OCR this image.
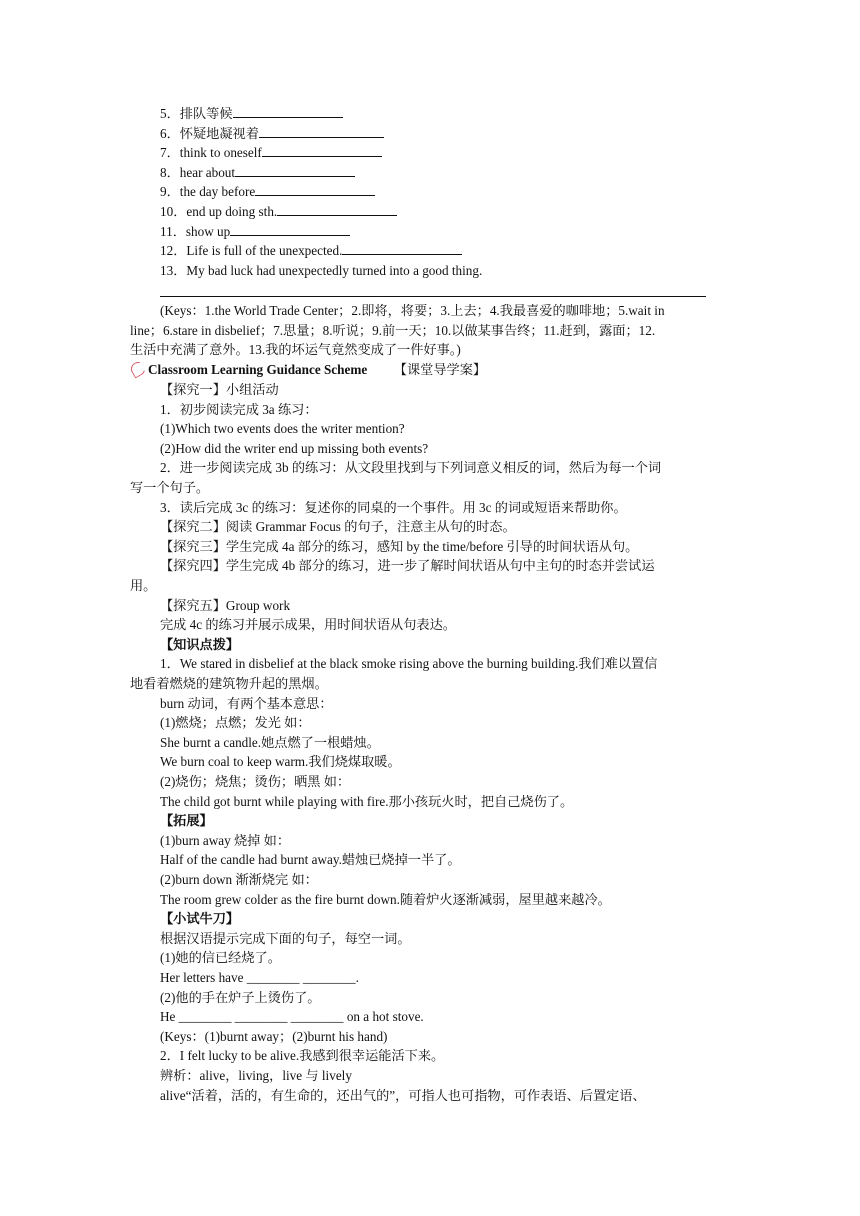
5．排队等候
6．怀疑地凝视着
7．think to oneself
8．hear about
9．the day before
10．end up doing sth.
11．show up
12．Life is full of the unexpected.
13．My bad luck had unexpectedly turned into a good thing.
(Keys：1.the World Trade Center；2.即将，将要；3.上去；4.我最喜爱的咖啡地；5.wait in
line；6.stare in disbelief；7.思量；8.听说；9.前一天；10.以做某事告终；11.赶到，露面；12.
生活中充满了意外。13.我的坏运气竟然变成了一件好事。)
Classroom Learning Guidance Scheme 【课堂导学案】
【探究一】小组活动
1．初步阅读完成 3a 练习：
(1)Which two events does the writer mention?
(2)How did the writer end up missing both events?
2．进一步阅读完成 3b 的练习：从文段里找到与下列词意义相反的词，然后为每一个词
写一个句子。
3．读后完成 3c 的练习：复述你的同桌的一个事件。用 3c 的词或短语来帮助你。
【探究二】阅读 Grammar Focus 的句子，注意主从句的时态。
【探究三】学生完成 4a 部分的练习，感知 by the time/before 引导的时间状语从句。
【探究四】学生完成 4b 部分的练习，进一步了解时间状语从句中主句的时态并尝试运
用。
【探究五】Group work
完成 4c 的练习并展示成果，用时间状语从句表达。
【知识点拨】
1．We stared in disbelief at the black smoke rising above the burning building.我们难以置信
地看着燃烧的建筑物升起的黑烟。
burn 动词，有两个基本意思：
(1)燃烧；点燃；发光 如：
She burnt a candle.她点燃了一根蜡烛。
We burn coal to keep warm.我们烧煤取暖。
(2)烧伤；烧焦；烫伤；晒黑 如：
The child got burnt while playing with fire.那小孩玩火时，把自己烧伤了。
【拓展】
(1)burn away 烧掉 如：
Half of the candle had burnt away.蜡烛已烧掉一半了。
(2)burn down 渐渐烧完 如：
The room grew colder as the fire burnt down.随着炉火逐渐减弱，屋里越来越冷。
【小试牛刀】
根据汉语提示完成下面的句子，每空一词。
(1)她的信已经烧了。
Her letters have ________ ________.
(2)他的手在炉子上烫伤了。
He ________ ________ ________ on a hot stove.
(Keys：(1)burnt away；(2)burnt his hand)
2．I felt lucky to be alive.我感到很幸运能活下来。
辨析：alive，living，live 与 lively
alive“活着，活的，有生命的，还出气的”，可指人也可指物，可作表语、后置定语、
